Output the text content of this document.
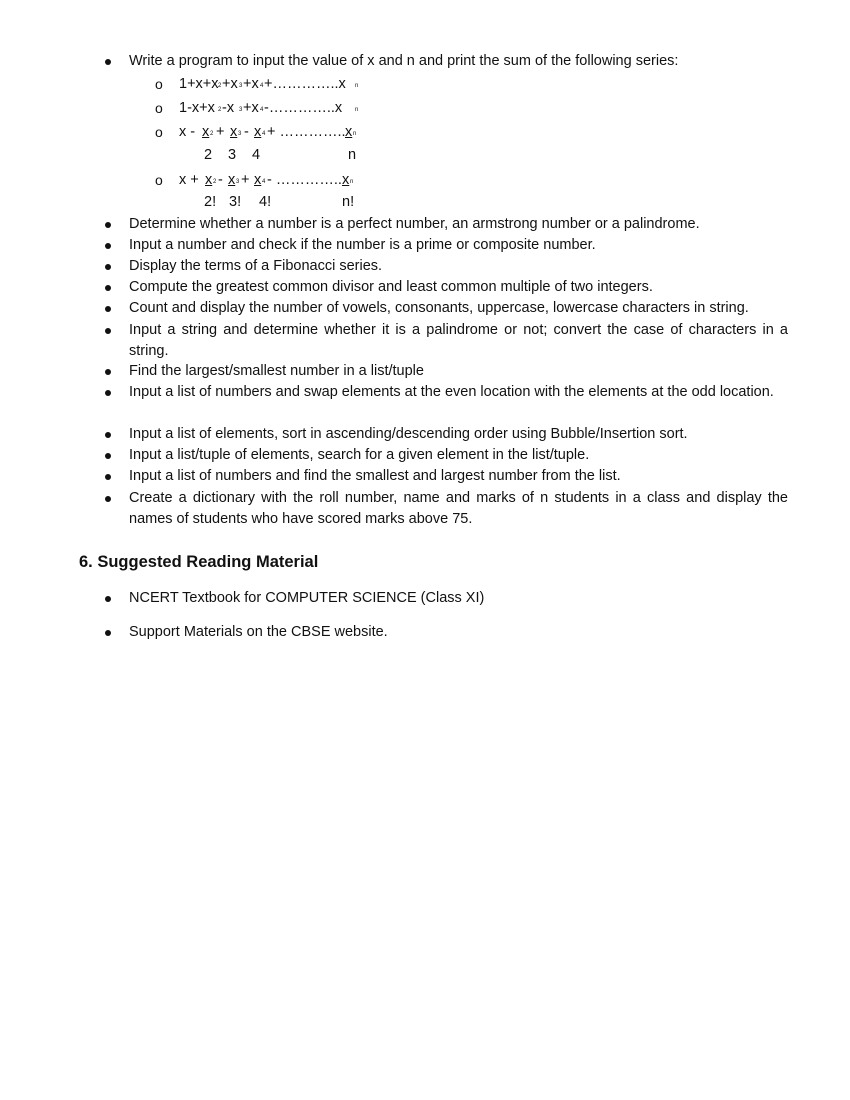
Write a program to input the value of x and n and print the sum of the following series:
o 1+x+x 2 +x 3 +x 4 +…………..x n
o 1-x+x 2 -x 3 +x 4 -…………..x n
o x - x 2 + x 3 - x 4 + ………….. x n
2 3 4	n
o x + x 2 - x 3 + x 4 - ………….. x n
2! 3! 4!	n!
Determine whether a number is a perfect number, an armstrong number or a palindrome.
Input a number and check if the number is a prime or composite number.
Display the terms of a Fibonacci series.
Compute the greatest common divisor and least common multiple of two integers.
Count and display the number of vowels, consonants, uppercase, lowercase characters in string.
Input a string and determine whether it is a palindrome or not; convert the case of characters in a string.
Find the largest/smallest number in a list/tuple
Input a list of numbers and swap elements at the even location with the elements at the odd location.
Input a list of elements, sort in ascending/descending order using Bubble/Insertion sort.
Input a list/tuple of elements, search for a given element in the list/tuple.
Input a list of numbers and find the smallest and largest number from the list.
Create a dictionary with the roll number, name and marks of n students in a class and display the names of students who have scored marks above 75.
6. Suggested Reading Material
NCERT Textbook for COMPUTER SCIENCE (Class XI)
Support Materials on the CBSE website.
